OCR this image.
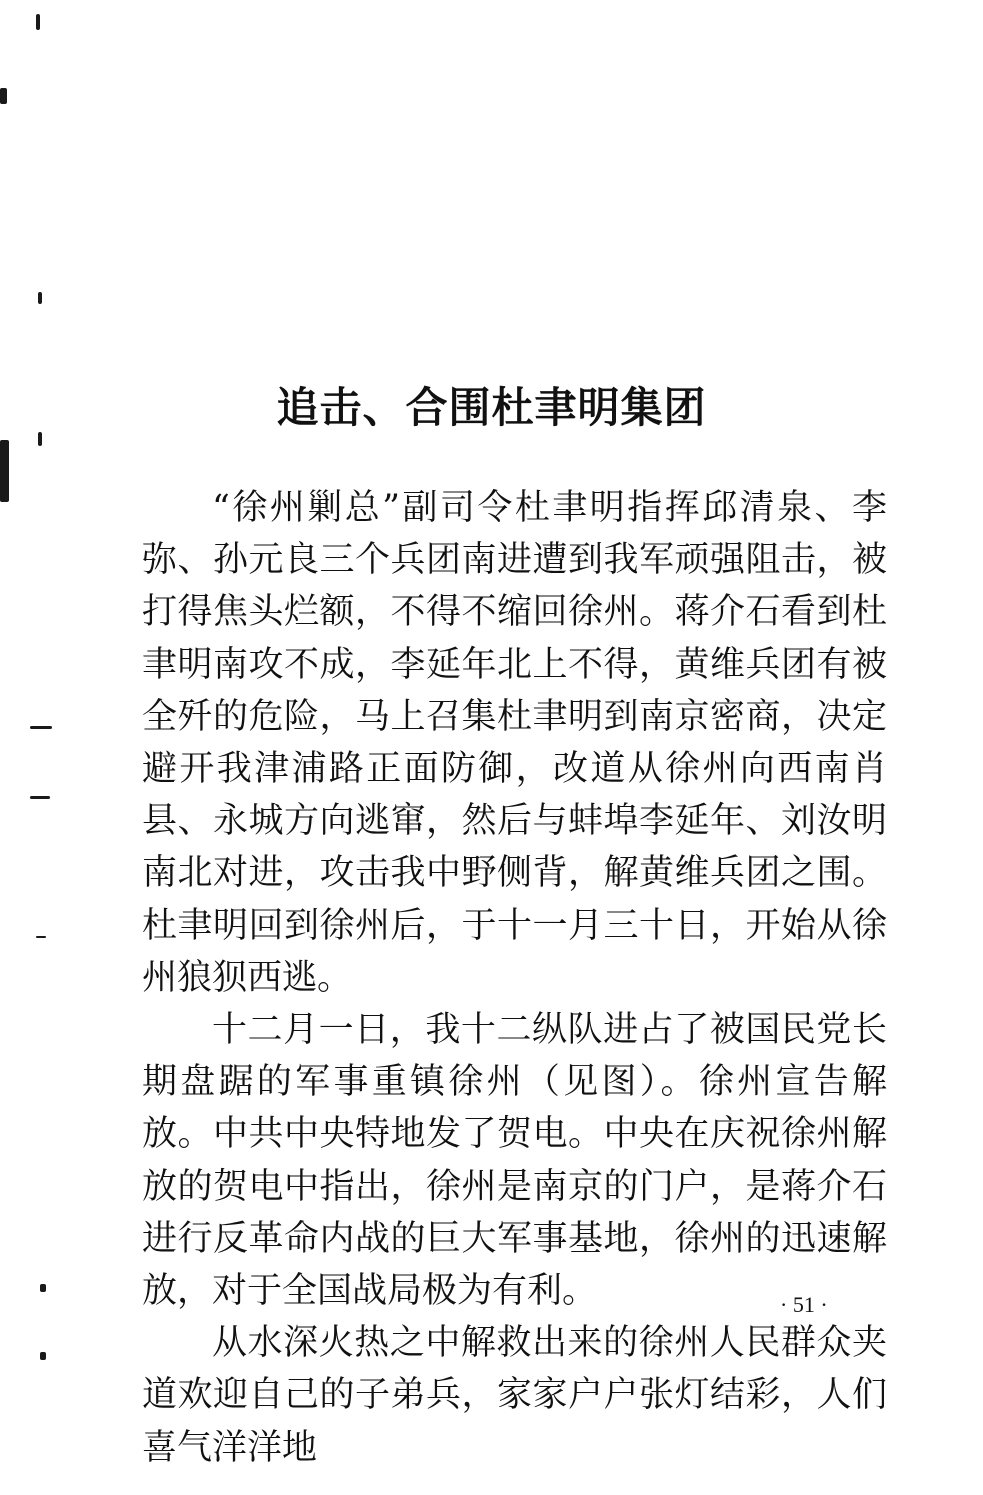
追击、合围杜聿明集团

“徐州剿总”副司令杜聿明指挥邱清泉、李弥、孙元良三个兵团南进遭到我军顽强阻击，被打得焦头烂额，不得不缩回徐州。蒋介石看到杜聿明南攻不成，李延年北上不得，黄维兵团有被全歼的危险，马上召集杜聿明到南京密商，决定避开我津浦路正面防御，改道从徐州向西南肖县、永城方向逃窜，然后与蚌埠李延年、刘汝明南北对进，攻击我中野侧背，解黄维兵团之围。杜聿明回到徐州后，于十一月三十日，开始从徐州狼狈西逃。

十二月一日，我十二纵队进占了被国民党长期盘踞的军事重镇徐州（见图）。徐州宣告解放。中共中央特地发了贺电。中央在庆祝徐州解放的贺电中指出，徐州是南京的门户，是蒋介石进行反革命内战的巨大军事基地，徐州的迅速解放，对于全国战局极为有利。

从水深火热之中解救出来的徐州人民群众夹道欢迎自己的子弟兵，家家户户张灯结彩，人们喜气洋洋地

· 51 ·
